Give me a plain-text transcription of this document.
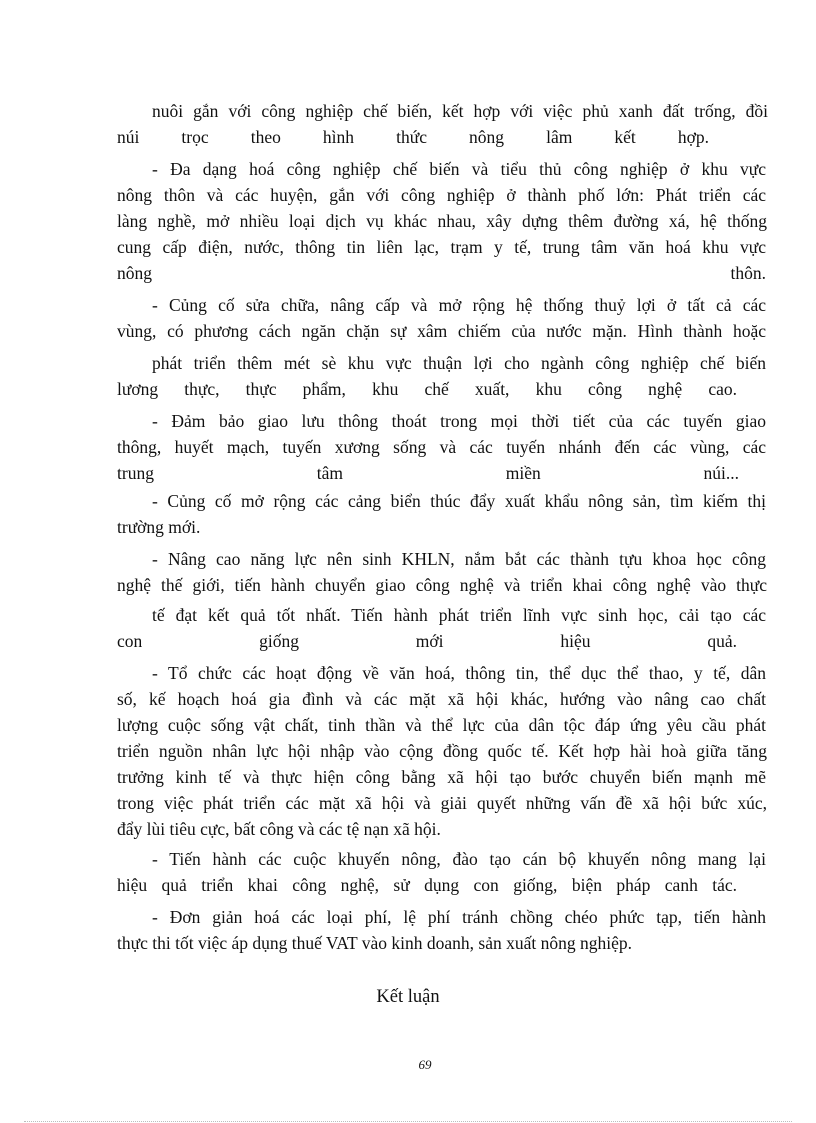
nuôi gắn với công nghiệp chế biến, kết hợp với việc phủ xanh đất trống, đồi
núi trọc theo hình thức nông lâm kết hợp.
- Đa dạng hoá công nghiệp chế biến và tiểu thủ công nghiệp ở khu vực
nông thôn và các huyện, gắn với công nghiệp ở thành phố lớn: Phát triển các
làng nghề, mở nhiều loại dịch vụ khác nhau, xây dựng thêm đường xá, hệ thống
cung cấp điện, nước, thông tin liên lạc, trạm y tế, trung tâm văn hoá khu vực
nông thôn.
- Củng cố sửa chữa, nâng cấp và mở rộng hệ thống thuỷ lợi ở tất cả các
vùng, có phương cách ngăn chặn sự xâm chiếm của nước mặn. Hình thành hoặc
phát triển thêm mét sè khu vực thuận lợi cho ngành công nghiệp chế biến
lương thực, thực phẩm, khu chế xuất, khu công nghệ cao.
- Đảm bảo giao lưu thông thoát trong mọi thời tiết của các tuyến giao
thông, huyết mạch, tuyến xương sống và các tuyến nhánh đến các vùng, các
trung tâm miền núi...
- Củng cố mở rộng các cảng biển thúc đẩy xuất khẩu nông sản, tìm kiếm thị
trường mới.
- Nâng cao năng lực nên sinh KHLN, nắm bắt các thành tựu khoa học công
nghệ thế giới, tiến hành chuyển giao công nghệ và triển khai công nghệ vào thực
tế đạt kết quả tốt nhất. Tiến hành phát triển lĩnh vực sinh học, cải tạo các
con giống mới hiệu quả.
- Tổ chức các hoạt động về văn hoá, thông tin, thể dục thể thao, y tế, dân
số, kế hoạch hoá gia đình và các mặt xã hội khác, hướng vào nâng cao chất
lượng cuộc sống vật chất, tinh thần và thể lực của dân tộc đáp ứng yêu cầu phát
triển nguồn nhân lực hội nhập vào cộng đồng quốc tế. Kết hợp hài hoà giữa tăng
trưởng kinh tế và thực hiện công bằng xã hội tạo bước chuyển biến mạnh mẽ
trong việc phát triển các mặt xã hội và giải quyết những vấn đề xã hội bức xúc,
đẩy lùi tiêu cực, bất công và các tệ nạn xã hội.
- Tiến hành các cuộc khuyến nông, đào tạo cán bộ khuyến nông mang lại
hiệu quả triển khai công nghệ, sử dụng con giống, biện pháp canh tác.
- Đơn giản hoá các loại phí, lệ phí tránh chồng chéo phức tạp, tiến hành
thực thi tốt việc áp dụng thuế VAT vào kinh doanh, sản xuất nông nghiệp.
Kết luận
69
